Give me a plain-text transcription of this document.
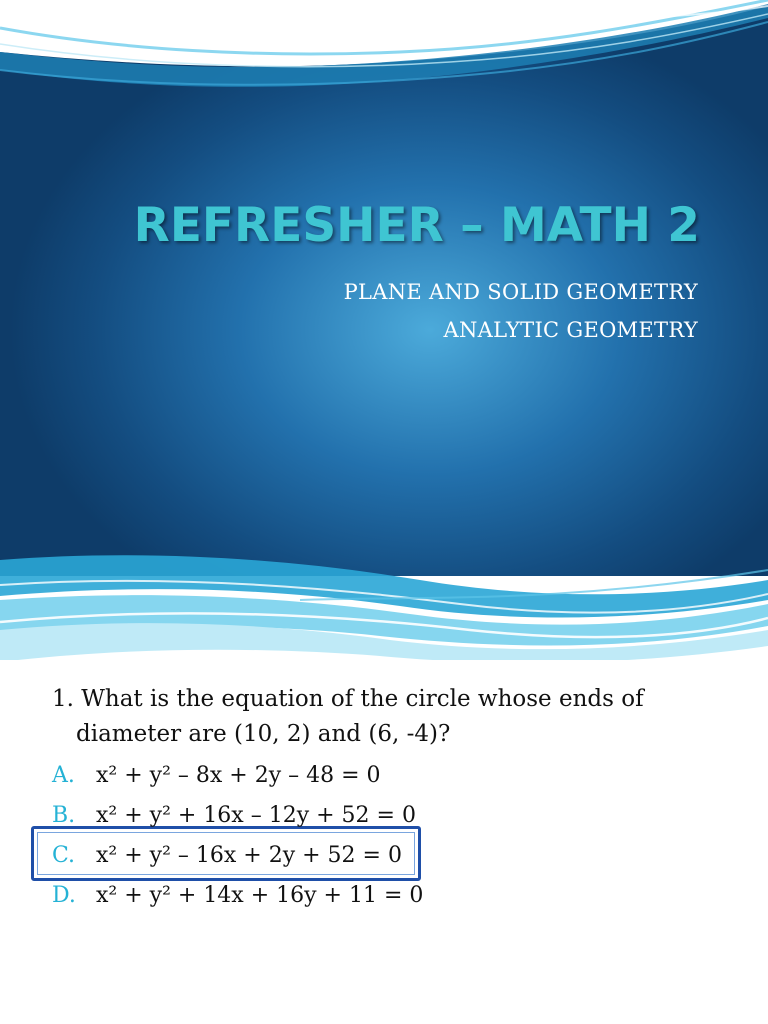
REFRESHER – MATH 2
PLANE AND SOLID GEOMETRY
ANALYTIC GEOMETRY
1. What is the equation of the circle whose ends of
diameter are (10, 2) and (6, -4)?
A. x² + y² – 8x + 2y – 48 = 0
B. x² + y² + 16x – 12y + 52 = 0
C. x² + y² – 16x + 2y + 52 = 0
D. x² + y² + 14x + 16y + 11 = 0
